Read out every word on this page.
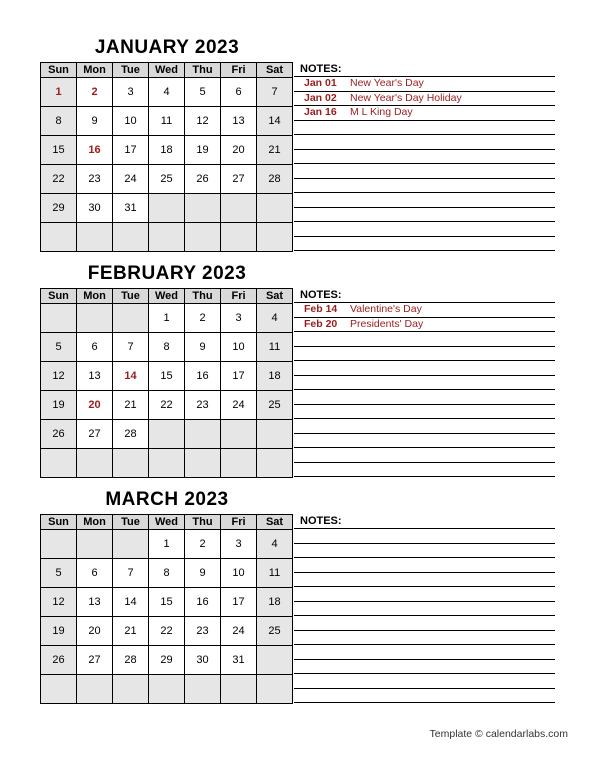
JANUARY 2023
Sun	Mon	Tue	Wed	Thu	Fri	Sat
1	2	3	4	5	6	7
8	9	10	11	12	13	14
15	16	17	18	19	20	21
22	23	24	25	26	27	28
29	30	31				

NOTES:
Jan 01 New Year's Day
Jan 02 New Year's Day Holiday
Jan 16 M L King Day
FEBRUARY 2023
Sun	Mon	Tue	Wed	Thu	Fri	Sat
			1	2	3	4
5	6	7	8	9	10	11
12	13	14	15	16	17	18
19	20	21	22	23	24	25
26	27	28				

NOTES:
Feb 14 Valentine's Day
Feb 20 Presidents' Day
MARCH 2023
Sun	Mon	Tue	Wed	Thu	Fri	Sat
			1	2	3	4
5	6	7	8	9	10	11
12	13	14	15	16	17	18
19	20	21	22	23	24	25
26	27	28	29	30	31	

NOTES:
Template © calendarlabs.com
